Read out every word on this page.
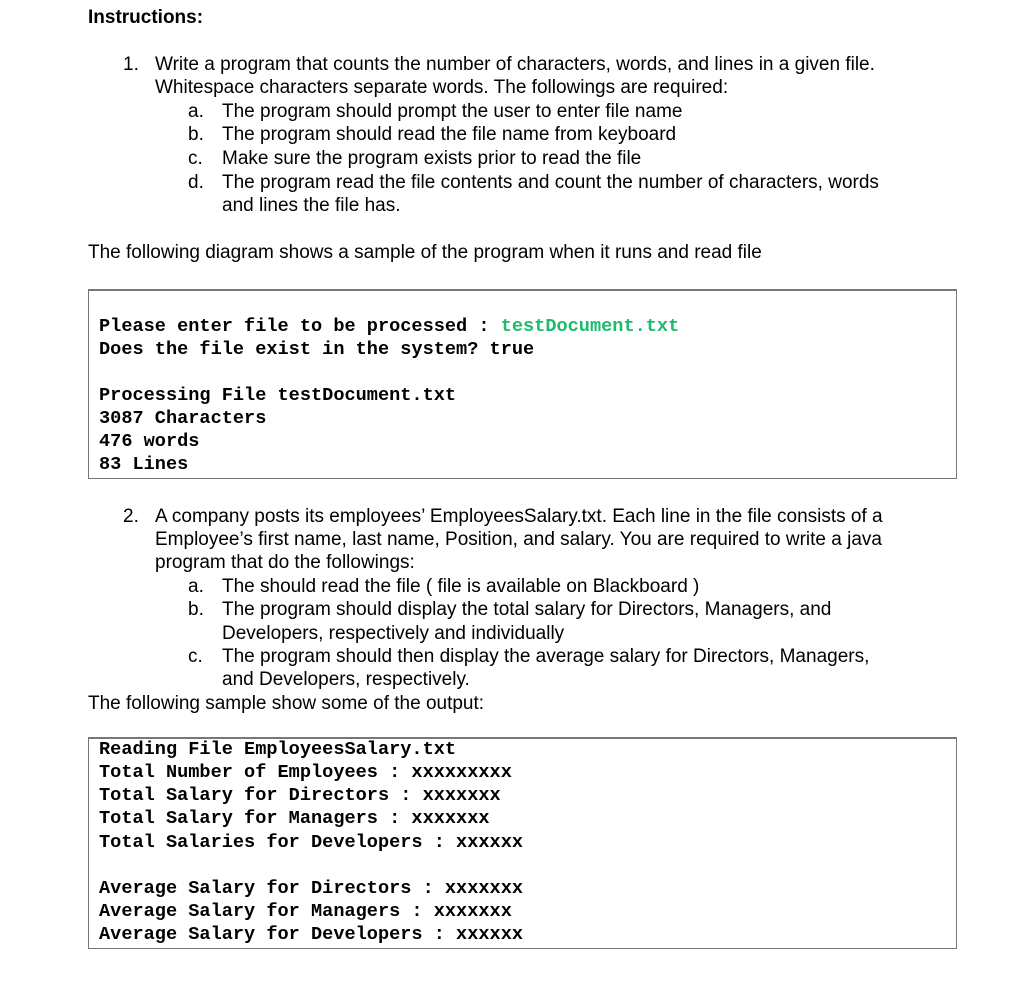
Instructions:
1. Write a program that counts the number of characters, words, and lines in a given file.
Whitespace characters separate words. The followings are required:
a. The program should prompt the user to enter file name
b. The program should read the file name from keyboard
c. Make sure the program exists prior to read the file
d. The program read the file contents and count the number of characters, words
and lines the file has.
The following diagram shows a sample of the program when it runs and read file
Please enter file to be processed : testDocument.txt
Does the file exist in the system? true
Processing File testDocument.txt
3087 Characters
476 words
83 Lines
2. A company posts its employees’ EmployeesSalary.txt. Each line in the file consists of a
Employee’s first name, last name, Position, and salary. You are required to write a java
program that do the followings:
a. The should read the file ( file is available on Blackboard )
b. The program should display the total salary for Directors, Managers, and
Developers, respectively and individually
c. The program should then display the average salary for Directors, Managers,
and Developers, respectively.
The following sample show some of the output:
Reading File EmployeesSalary.txt
Total Number of Employees : xxxxxxxxx
Total Salary for Directors : xxxxxxx
Total Salary for Managers : xxxxxxx
Total Salaries for Developers : xxxxxx
Average Salary for Directors : xxxxxxx
Average Salary for Managers : xxxxxxx
Average Salary for Developers : xxxxxx
